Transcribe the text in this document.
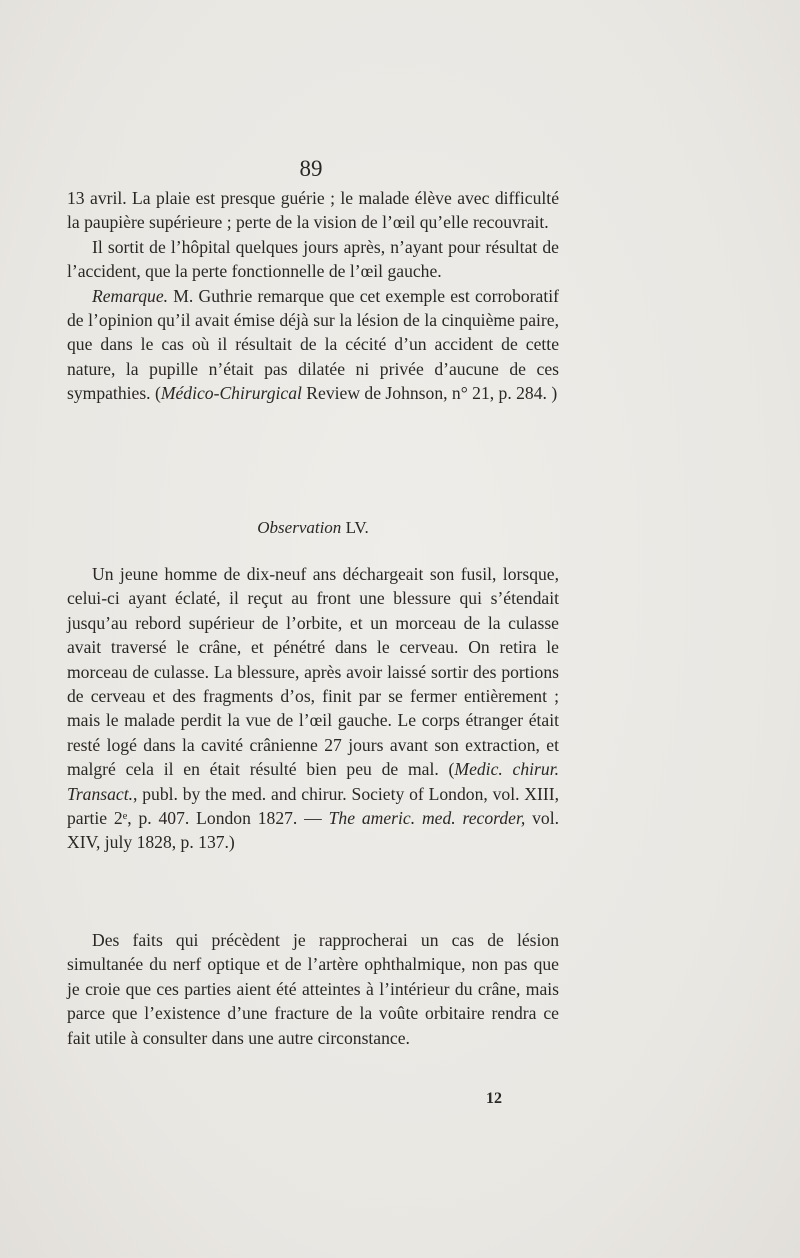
89

13 avril. La plaie est presque guérie ; le malade élève avec difficulté la paupière supérieure ; perte de la vision de l’œil qu’elle recouvrait.

Il sortit de l’hôpital quelques jours après, n’ayant pour résultat de l’accident, que la perte fonctionnelle de l’œil gauche.

Remarque. M. Guthrie remarque que cet exemple est corroboratif de l’opinion qu’il avait émise déjà sur la lésion de la cinquième paire, que dans le cas où il résultait de la cécité d’un accident de cette nature, la pupille n’était pas dilatée ni privée d’aucune de ces sympathies. (Médico-Chirurgical Review de Johnson, n° 21, p. 284. )

Observation LV.

Un jeune homme de dix-neuf ans déchargeait son fusil, lorsque, celui-ci ayant éclaté, il reçut au front une blessure qui s’étendait jusqu’au rebord supérieur de l’orbite, et un morceau de la culasse avait traversé le crâne, et pénétré dans le cerveau. On retira le morceau de culasse. La blessure, après avoir laissé sortir des portions de cerveau et des fragments d’os, finit par se fermer entièrement ; mais le malade perdit la vue de l’œil gauche. Le corps étranger était resté logé dans la cavité crânienne 27 jours avant son extraction, et malgré cela il en était résulté bien peu de mal. (Medic. chirur. Transact., publ. by the med. and chirur. Society of London, vol. XIII, partie 2ᵉ, p. 407. London 1827. — The americ. med. recorder, vol. XIV, july 1828, p. 137.)

Des faits qui précèdent je rapprocherai un cas de lésion simultanée du nerf optique et de l’artère ophthalmique, non pas que je croie que ces parties aient été atteintes à l’intérieur du crâne, mais parce que l’existence d’une fracture de la voûte orbitaire rendra ce fait utile à consulter dans une autre circonstance.

12
